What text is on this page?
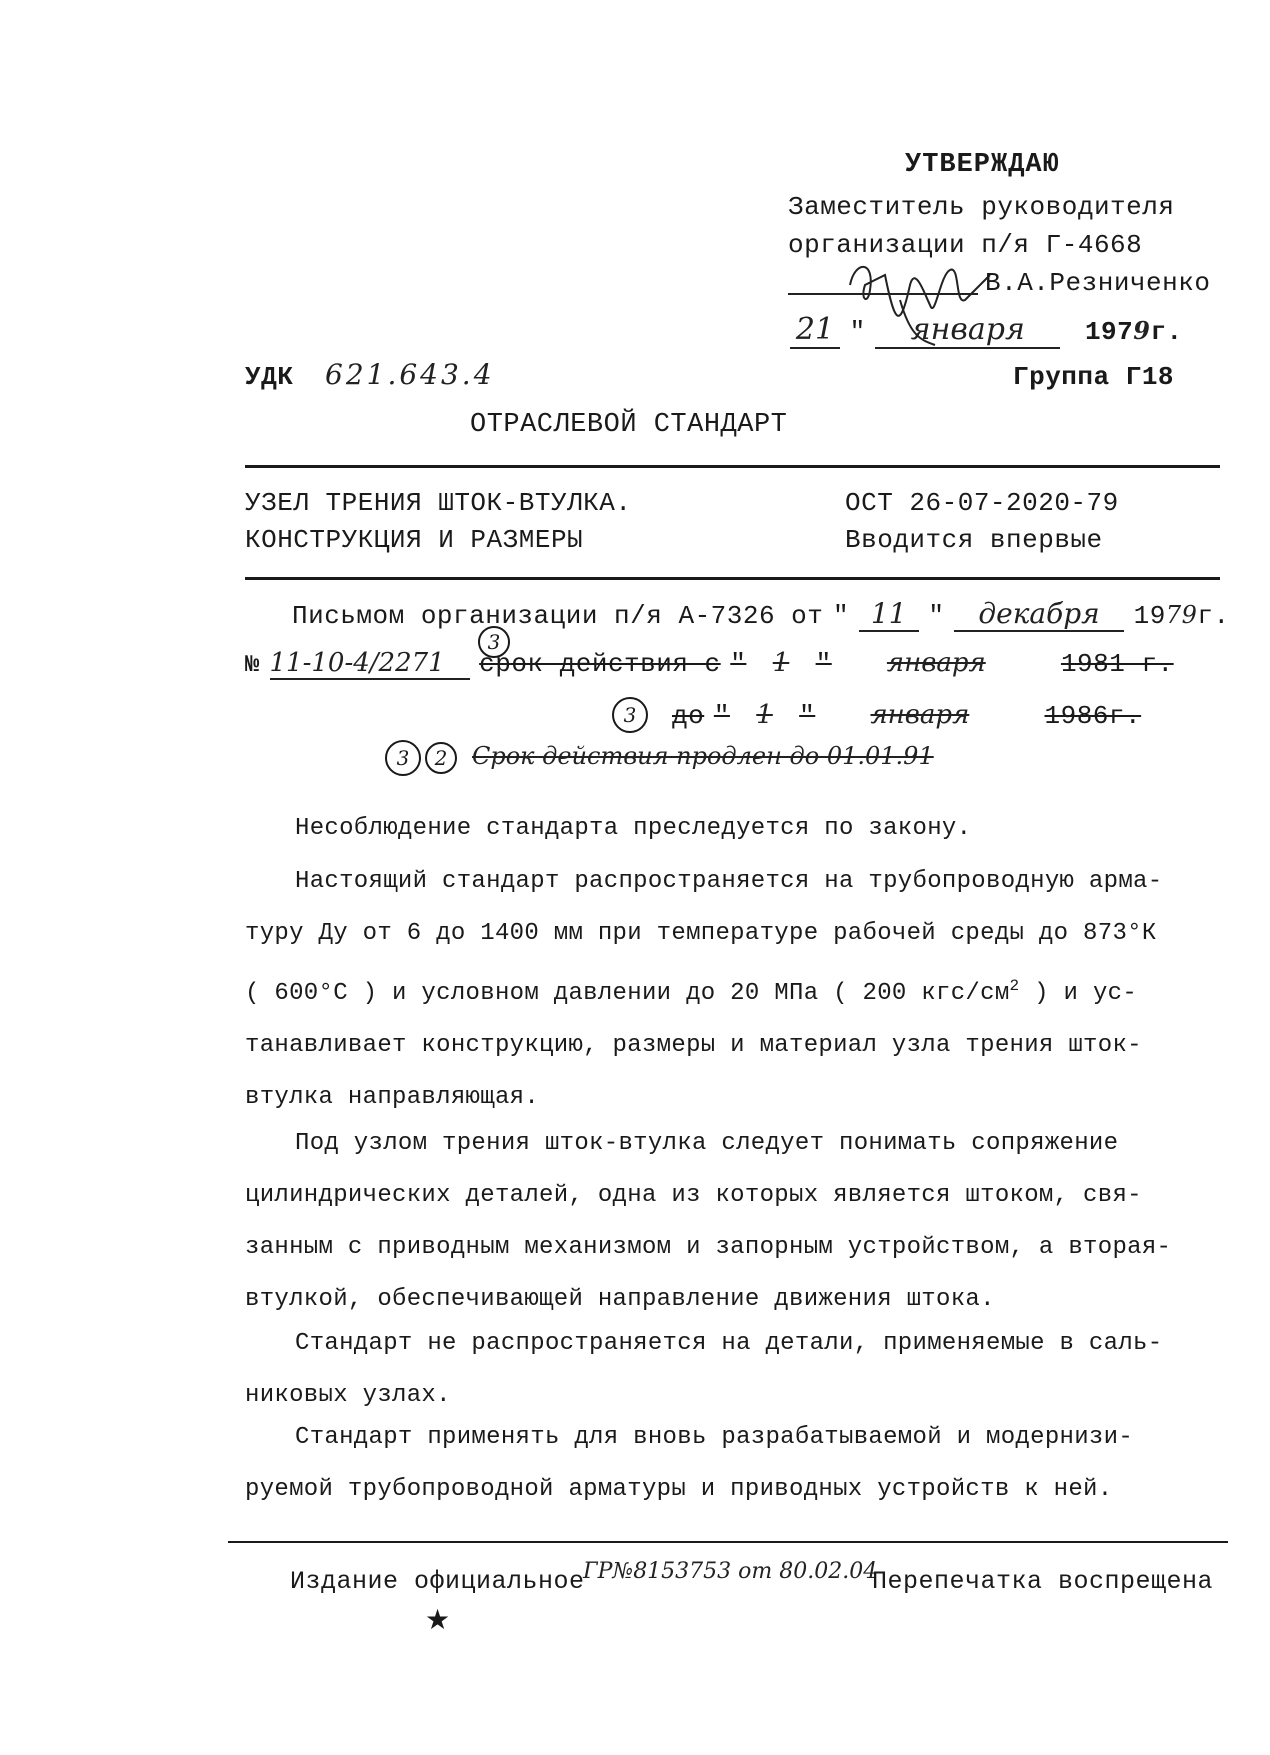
УТВЕРЖДАЮ
Заместитель руководителя
организации п/я Г-4668
В.А.Резниченко
21 " января 1979г.
УДК 621.643.4	Группа Г18
ОТРАСЛЕВОЙ СТАНДАРТ
УЗЕЛ ТРЕНИЯ ШТОК-ВТУЛКА.
КОНСТРУКЦИЯ И РАЗМЕРЫ
ОСТ 26-07-2020-79
Вводится впервые
Письмом организации п/я А-7326 от " 11 " декабря 1979г.
3
№ 11-10-4/2271 срок действия с " 1 " января	1981 г.
3	до " 1 " января	1986г.
3	2	Срок действия продлен до 01.01.91
Несоблюдение стандарта преследуется по закону.
Настоящий стандарт распространяется на трубопроводную арма-
туру Ду от 6 до 1400 мм при температуре рабочей среды до 873°К
( 600°С ) и условном давлении до 20 МПа ( 200 кгс/$см^2$ ) и ус-
танавливает конструкцию, размеры и материал узла трения шток-
втулка направляющая.
Под узлом трения шток-втулка следует понимать сопряжение
цилиндрических деталей, одна из которых является штоком, свя-
занным с приводным механизмом и запорным устройством, а вторая-
втулкой, обеспечивающей направление движения штока.
Стандарт не распространяется на детали, применяемые в саль-
никовых узлах.
Стандарт применять для вновь разрабатываемой и модернизи-
руемой трубопроводной арматуры и приводных устройств к ней.
Издание официальное
ГР№8153753 от 80.02.04
Перепечатка воспрещена
★
